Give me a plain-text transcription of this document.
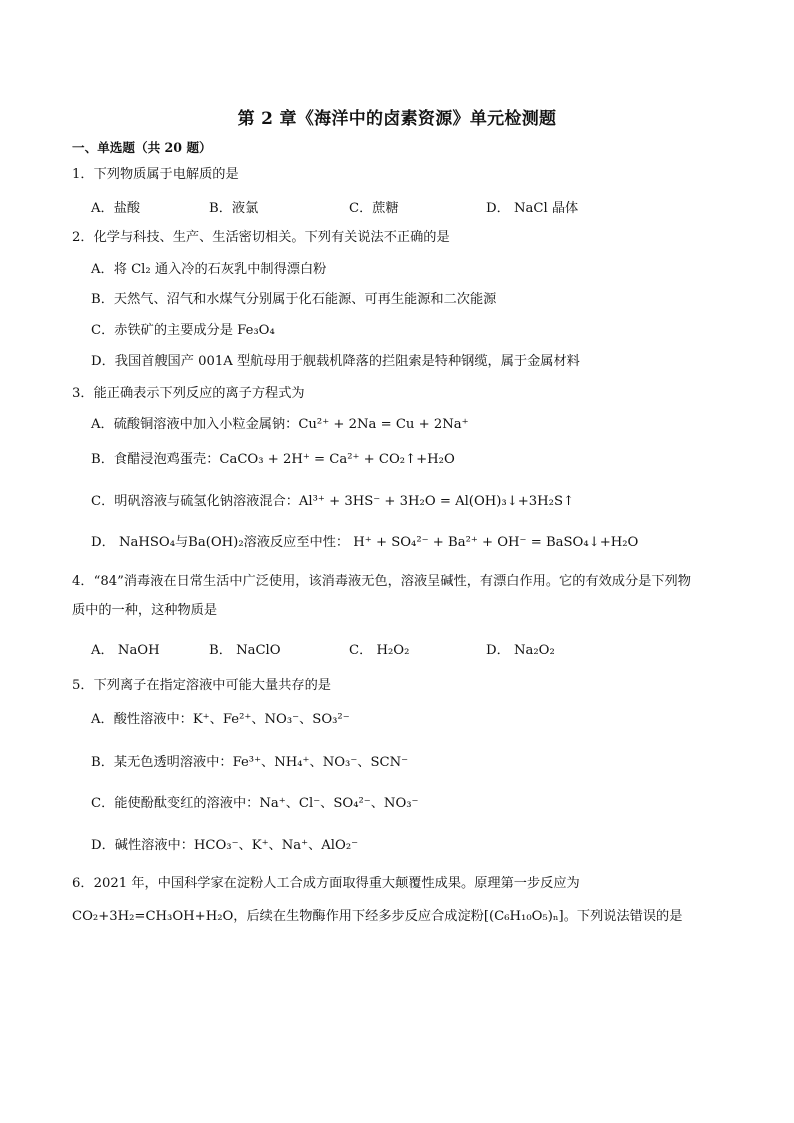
第 2 章《海洋中的卤素资源》单元检测题
一、单选题（共 20 题）
1．下列物质属于电解质的是
A．盐酸	B．液氯	C．蔗糖	D． NaCl 晶体
2．化学与科技、生产、生活密切相关。下列有关说法不正确的是
A．将 Cl₂ 通入冷的石灰乳中制得漂白粉
B．天然气、沼气和水煤气分别属于化石能源、可再生能源和二次能源
C．赤铁矿的主要成分是 Fe₃O₄
D．我国首艘国产 001A 型航母用于舰载机降落的拦阻索是特种钢缆，属于金属材料
3．能正确表示下列反应的离子方程式为
A．硫酸铜溶液中加入小粒金属钠：Cu²⁺ + 2Na = Cu + 2Na⁺
B．食醋浸泡鸡蛋壳：CaCO₃ + 2H⁺ = Ca²⁺ + CO₂↑+H₂O
C．明矾溶液与硫氢化钠溶液混合：Al³⁺ + 3HS⁻ + 3H₂O = Al(OH)₃↓+3H₂S↑
D． NaHSO₄与Ba(OH)₂溶液反应至中性： H⁺ + SO₄²⁻ + Ba²⁺ + OH⁻ = BaSO₄↓+H₂O
4．“84”消毒液在日常生活中广泛使用，该消毒液无色，溶液呈碱性，有漂白作用。它的有效成分是下列物
质中的一种，这种物质是
A． NaOH	B． NaClO	C． H₂O₂	D． Na₂O₂
5．下列离子在指定溶液中可能大量共存的是
A．酸性溶液中：K⁺、Fe²⁺、NO₃⁻、SO₃²⁻
B．某无色透明溶液中：Fe³⁺、NH₄⁺、NO₃⁻、SCN⁻
C．能使酚酞变红的溶液中：Na⁺、Cl⁻、SO₄²⁻、NO₃⁻
D．碱性溶液中：HCO₃⁻、K⁺、Na⁺、AlO₂⁻
6．2021 年，中国科学家在淀粉人工合成方面取得重大颠覆性成果。原理第一步反应为
CO₂+3H₂=CH₃OH+H₂O，后续在生物酶作用下经多步反应合成淀粉[(C₆H₁₀O₅)ₙ]。下列说法错误的是
